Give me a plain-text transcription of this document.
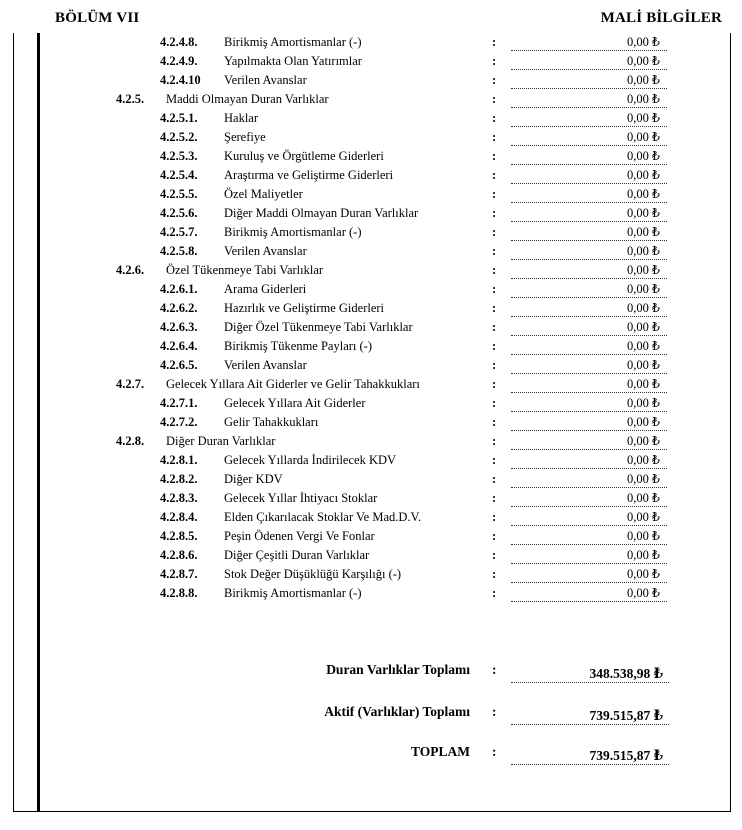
BÖLÜM VII	MALİ BİLGİLER
4.2.4.8. Birikmiş Amortismanlar (-)	:	0,00 ₺
4.2.4.9. Yapılmakta Olan Yatırımlar	:	0,00 ₺
4.2.4.10 Verilen Avanslar	:	0,00 ₺
4.2.5. Maddi Olmayan Duran Varlıklar	:	0,00 ₺
4.2.5.1. Haklar	:	0,00 ₺
4.2.5.2. Şerefiye	:	0,00 ₺
4.2.5.3. Kuruluş ve Örgütleme Giderleri	:	0,00 ₺
4.2.5.4. Araştırma ve Geliştirme Giderleri	:	0,00 ₺
4.2.5.5. Özel Maliyetler	:	0,00 ₺
4.2.5.6. Diğer Maddi Olmayan Duran Varlıklar	:	0,00 ₺
4.2.5.7. Birikmiş Amortismanlar (-)	:	0,00 ₺
4.2.5.8. Verilen Avanslar	:	0,00 ₺
4.2.6. Özel Tükenmeye Tabi Varlıklar	:	0,00 ₺
4.2.6.1. Arama Giderleri	:	0,00 ₺
4.2.6.2. Hazırlık ve Geliştirme Giderleri	:	0,00 ₺
4.2.6.3. Diğer Özel Tükenmeye Tabi Varlıklar	:	0,00 ₺
4.2.6.4. Birikmiş Tükenme Payları (-)	:	0,00 ₺
4.2.6.5. Verilen Avanslar	:	0,00 ₺
4.2.7. Gelecek Yıllara Ait Giderler ve Gelir Tahakkukları	:	0,00 ₺
4.2.7.1. Gelecek Yıllara Ait Giderler	:	0,00 ₺
4.2.7.2. Gelir Tahakkukları	:	0,00 ₺
4.2.8. Diğer Duran Varlıklar	:	0,00 ₺
4.2.8.1. Gelecek Yıllarda İndirilecek KDV	:	0,00 ₺
4.2.8.2. Diğer KDV	:	0,00 ₺
4.2.8.3. Gelecek Yıllar İhtiyacı Stoklar	:	0,00 ₺
4.2.8.4. Elden Çıkarılacak Stoklar Ve Mad.D.V.	:	0,00 ₺
4.2.8.5. Peşin Ödenen Vergi Ve Fonlar	:	0,00 ₺
4.2.8.6. Diğer Çeşitli Duran Varlıklar	:	0,00 ₺
4.2.8.7. Stok Değer Düşüklüğü Karşılığı (-)	:	0,00 ₺
4.2.8.8. Birikmiş Amortismanlar (-)	:	0,00 ₺
Duran Varlıklar Toplamı :	348.538,98 ₺
Aktif (Varlıklar) Toplamı :	739.515,87 ₺
TOPLAM :	739.515,87 ₺
